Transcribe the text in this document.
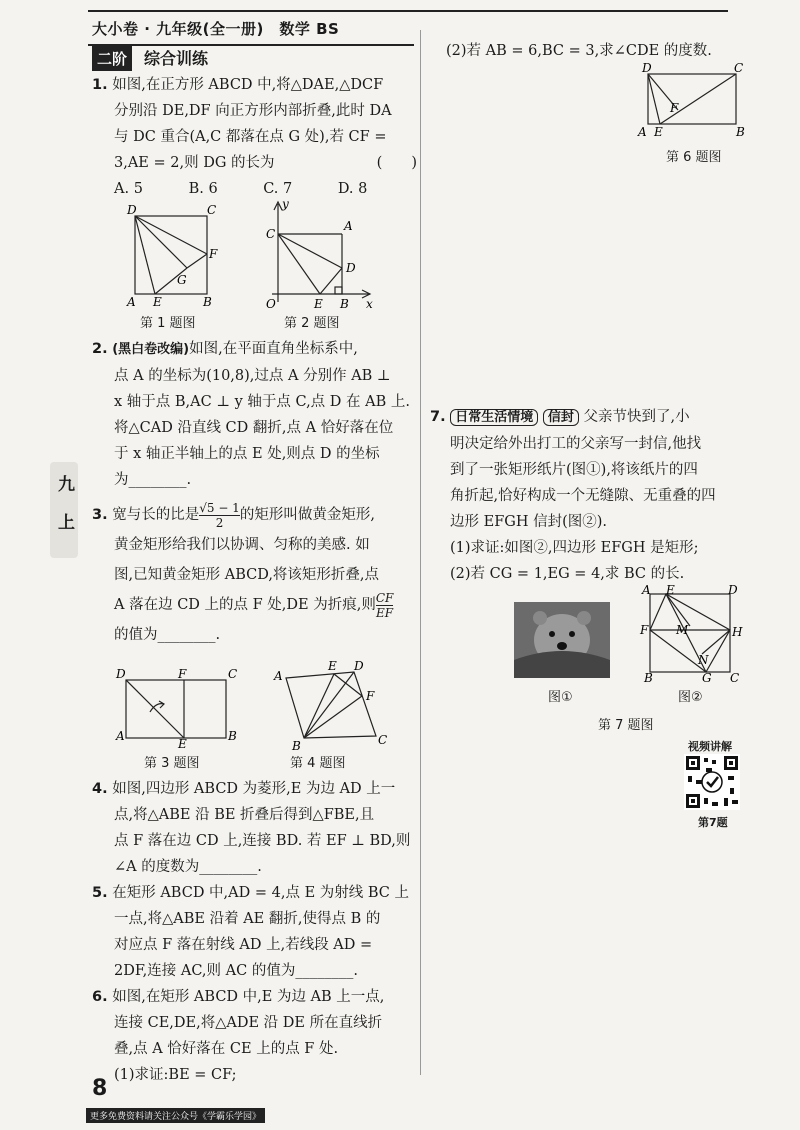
大小卷 · 九年级(全一册)　数学 BS
二阶	综合训练
九
上
1. 如图,在正方形 ABCD 中,将△DAE,△DCF
分别沿 DE,DF 向正方形内部折叠,此时 DA
与 DC 重合(A,C 都落在点 G 处),若 CF =
3,AE = 2,则 DG 的长为	(　　)

A. 5	B. 6	C. 7	D. 8
D	C
F
G
A E	B
第 1 题图
y
C
A
D
O	E B x
第 2 题图
2. (黑白卷改编)如图,在平面直角坐标系中,
点 A 的坐标为(10,8),过点 A 分别作 AB ⊥
x 轴于点 B,AC ⊥ y 轴于点 C,点 D 在 AB 上.
将△CAD 沿直线 CD 翻折,点 A 恰好落在位
于 x 轴正半轴上的点 E 处,则点 D 的坐标
为________.
3. 宽与长的比是 $\frac{√5 - 1}{2}$ 的矩形叫做黄金矩形,
黄金矩形给我们以协调、匀称的美感. 如
图,已知黄金矩形 ABCD,将该矩形折叠,点
A 落在边 CD 上的点 F 处,DE 为折痕,则 $\frac{CF}{EF}$

的值为________.
D	F	C
A
E
B
第 3 题图
A
E D
F
B	C
第 4 题图
4. 如图,四边形 ABCD 为菱形,E 为边 AD 上一
点,将△ABE 沿 BE 折叠后得到△FBE,且
点 F 落在边 CD 上,连接 BD. 若 EF ⊥ BD,则
∠A 的度数为________.
5. 在矩形 ABCD 中,AD = 4,点 E 为射线 BC 上
一点,将△ABE 沿着 AE 翻折,使得点 B 的
对应点 F 落在射线 AD 上,若线段 AD =
2DF,连接 AC,则 AC 的值为________.
6. 如图,在矩形 ABCD 中,E 为边 AB 上一点,
连接 CE,DE,将△ADE 沿 DE 所在直线折
叠,点 A 恰好落在 CE 上的点 F 处.
(1)求证:BE = CF;
(2)若 AB = 6,BC = 3,求∠CDE 的度数.
D	C
F
A E	B
第 6 题图
7. 日常生活情境 信封 父亲节快到了,小
明决定给外出打工的父亲写一封信,他找
到了一张矩形纸片(图①),将该纸片的四
角折起,恰好构成一个无缝隙、无重叠的四
边形 EFGH 信封(图②).
(1)求证:如图②,四边形 EFGH 是矩形;
(2)若 CG = 1,EG = 4,求 BC 的长.
图①
A E	D
F M	H
N
B	G C
图②
第 7 题图
视频讲解
第7题
8
更多免费资料请关注公众号《学霸乐学园》
